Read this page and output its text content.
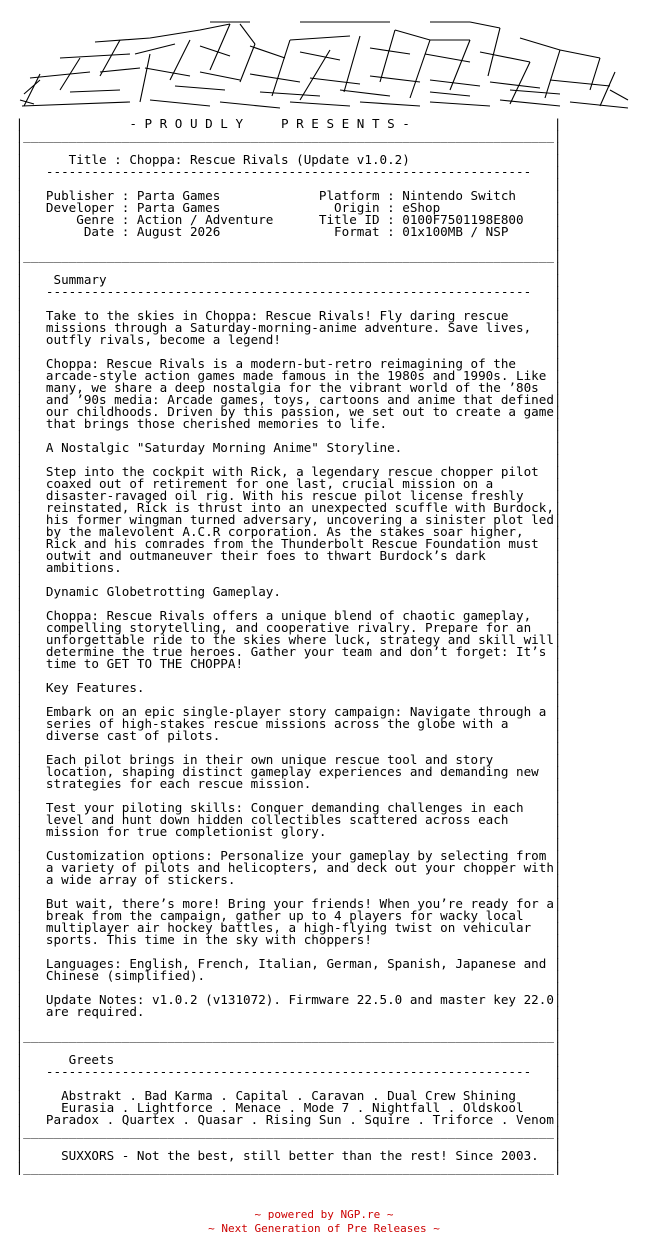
|              - P R O U D L Y     P R E S E N T S -                   |
|______________________________________________________________________|
|                                                                      |
|      Title : Choppa: Rescue Rivals (Update v1.0.2)                   |
|   ----------------------------------------------------------------   |
|                                                                      |
|   Publisher : Parta Games             Platform : Nintendo Switch     |
|   Developer : Parta Games               Origin : eShop               |
|       Genre : Action / Adventure      Title ID : 0100F7501198E800    |
|        Date : August 2026               Format : 01x100MB / NSP      |
|                                                                      |
|______________________________________________________________________|
|                                                                      |
|    Summary                                                           |
|   ----------------------------------------------------------------   |
|                                                                      |
|   Take to the skies in Choppa: Rescue Rivals! Fly daring rescue      |
|   missions through a Saturday-morning-anime adventure. Save lives,   |
|   outfly rivals, become a legend!                                    |
|                                                                      |
|   Choppa: Rescue Rivals is a modern-but-retro reimagining of the     |
|   arcade-style action games made famous in the 1980s and 1990s. Like |
|   many, we share a deep nostalgia for the vibrant world of the ’80s  |
|   and ’90s media: Arcade games, toys, cartoons and anime that defined|
|   our childhoods. Driven by this passion, we set out to create a game|
|   that brings those cherished memories to life.                      |
|                                                                      |
|   A Nostalgic "Saturday Morning Anime" Storyline.                    |
|                                                                      |
|   Step into the cockpit with Rick, a legendary rescue chopper pilot  |
|   coaxed out of retirement for one last, crucial mission on a        |
|   disaster-ravaged oil rig. With his rescue pilot license freshly    |
|   reinstated, Rick is thrust into an unexpected scuffle with Burdock,|
|   his former wingman turned adversary, uncovering a sinister plot led|
|   by the malevolent A.C.R corporation. As the stakes soar higher,    |
|   Rick and his comrades from the Thunderbolt Rescue Foundation must  |
|   outwit and outmaneuver their foes to thwart Burdock’s dark         |
|   ambitions.                                                         |
|                                                                      |
|   Dynamic Globetrotting Gameplay.                                    |
|                                                                      |
|   Choppa: Rescue Rivals offers a unique blend of chaotic gameplay,   |
|   compelling storytelling, and cooperative rivalry. Prepare for an   |
|   unforgettable ride to the skies where luck, strategy and skill will|
|   determine the true heroes. Gather your team and don’t forget: It’s |
|   time to GET TO THE CHOPPA!                                         |
|                                                                      |
|   Key Features.                                                      |
|                                                                      |
|   Embark on an epic single-player story campaign: Navigate through a |
|   series of high-stakes rescue missions across the globe with a      |
|   diverse cast of pilots.                                            |
|                                                                      |
|   Each pilot brings in their own unique rescue tool and story        |
|   location, shaping distinct gameplay experiences and demanding new  |
|   strategies for each rescue mission.                                |
|                                                                      |
|   Test your piloting skills: Conquer demanding challenges in each    |
|   level and hunt down hidden collectibles scattered across each      |
|   mission for true completionist glory.                              |
|                                                                      |
|   Customization options: Personalize your gameplay by selecting from |
|   a variety of pilots and helicopters, and deck out your chopper with|
|   a wide array of stickers.                                          |
|                                                                      |
|   But wait, there’s more! Bring your friends! When you’re ready for a|
|   break from the campaign, gather up to 4 players for wacky local    |
|   multiplayer air hockey battles, a high-flying twist on vehicular   |
|   sports. This time in the sky with choppers!                        |
|                                                                      |
|   Languages: English, French, Italian, German, Spanish, Japanese and |
|   Chinese (simplified).                                              |
|                                                                      |
|   Update Notes: v1.0.2 (v131072). Firmware 22.5.0 and master key 22.0|
|   are required.                                                      |
|                                                                      |
|______________________________________________________________________|
|                                                                      |
|      Greets                                                          |
|   ----------------------------------------------------------------   |
|                                                                      |
|     Abstrakt . Bad Karma . Capital . Caravan . Dual Crew Shining     |
|     Eurasia . Lightforce . Menace . Mode 7 . Nightfall . Oldskool    |
|   Paradox . Quartex . Quasar . Rising Sun . Squire . Triforce . Venom|
|______________________________________________________________________|
|                                                                      |
|     SUXXORS - Not the best, still better than the rest! Since 2003.  |
|______________________________________________________________________|

~ powered by NGP.re ~
~ Next Generation of Pre Releases ~
